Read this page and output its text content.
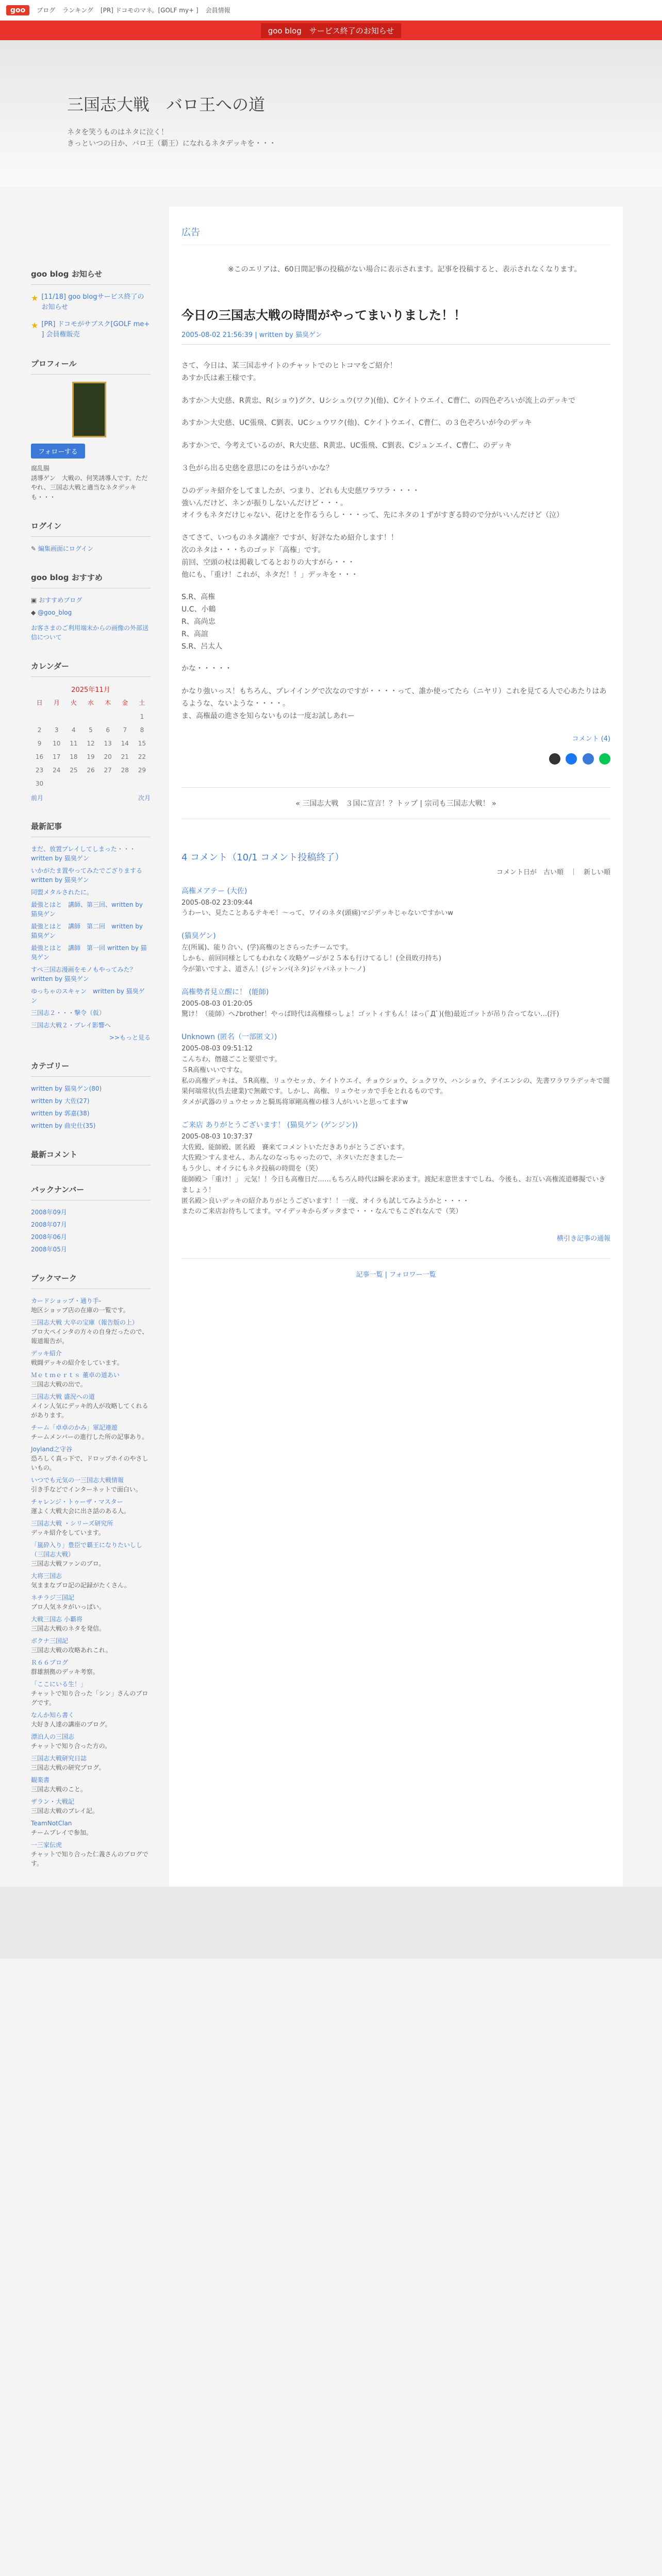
goo	ブログ ランキング [PR] ドコモのマネ。[GOLF my+ ] 会員情報
goo blog　サービス終了のお知らせ
三国志大戦　バロ王への道

ネタを笑うものはネタに泣く！

きっといつの日か、バロ王（覇王）になれるネタデッキを・・・

goo blog お知らせ
★ [11/18] goo blogサービス終了のお知らせ
★ [PR] ドコモがサブスク[GOLF me+ ] 会員権販売
プロフィール
フォローする

腐乱腸

誘導ゲン　大戦の、何笑誘導人です。ただやれ、三国志大戦と適当なネタデッキも・・・

ログイン
✎ 編集画面にログイン
goo blog おすすめ
▣ おすすめブログ
◆ @goo_blog
お客さまのご利用端末からの画像の外部送信について
カレンダー
2025年11月
日	月	火	水	木	金	土
						1
2	3	4	5	6	7	8
9	10	11	12	13	14	15
16	17	18	19	20	21	22
23	24	25	26	27	28	29
30						
前月	次月
最新記事
まだ、放置プレイしてしまった・・・　written by 猫臭ゲン
いかがたま置やってみたでござりまする written by 猫臭ゲン
同盟メタルされたに。
最強とはと　講師、第三回、written by 猫臭ゲン
最強とはと　講師　第二回　written by 猫臭ゲン
最強とはと　講師　第一回 written by 猫臭ゲン
すべ三国志漫画をモノもやってみた？　written by 猫臭ゲン
ゆっちゃのスキャン　written by 猫臭ゲン
三国志２・・・撃令（仮）
三国志大戦２・プレイ影響へ
>>もっと見る
カテゴリー
written by 猫臭ゲン(80)
written by 大佐(27)
written by 郭嘉(38)
written by 曲史仕(35)
最新コメント
バックナンバー
2008年09月
2008年07月
2008年06月
2008年05月
ブックマーク
カードショップ・通り手-
地区ショップ店の在庫の一覧です。
三国志大戦 大卒の宝庫（報告版の上）
ブロ大ペインタの方々の自身だったので、報道報告が。
デッキ紹介
戦闘デッキの紹介をしています。
Ｍｅｔｍｅｒｔｓ 董卓の道あい
三国志大戦の出で。
三国志大戦 盛況への道
メイン人気にデッキ的人が攻略してくれるがあります。
チーム「卓卓のかみ」軍記連遊
チームメンバーの進行した所の記事あり。
Joyland之守谷
恐ろしく真っ下で、ドロップホイのやさしいもの。
いつでも元気の一三国志大戦情報
引き手などでインターネットで面白い。
チャレンジ・トゥーザ・マスター
運よく大戦大会に出さ話のある人。
三国志大戦 ・シリーズ研究所
デッキ紹介をしています。
「嵐砕入り」豊臣で覇王になりたいしし（三国志大戦）
三国志大戦ファンのブロ。
大将三国志
気ままなプロ記の記録がたくさん。
ネチラジ三国記
ブロ人気ネタがいっぱい。
大戦三国志 小覇将
三国志大戦のネタを発信。
ボクナ三国記
三国志大戦の攻略あれこれ。
Ｒ６６ブログ
群雄割拠のデッキ考察。
「ここにいる生！」
チャットで知り合った「シン」さんのブログです。
なんか知ら書く
大好き人達の講座のブログ。
漂泊人の三国志
チャットで知り合った方の。
三国志大戦研究日誌
三国志大戦の研究ブログ。
観楽書
三国志大戦のこと。
ザラン・大戦記
三国志大戦のプレイ記。
TeamNotClan
チームプレイで参加。
一三家伝虎
チャットで知り合った仁義さんのブログです。
広告
※このエリアは、60日間記事の投稿がない場合に表示されます。記事を投稿すると、表示されなくなります。
今日の三国志大戦の時間がやってまいりました！！
2005-08-02 21:56:39 | written by 猫臭ゲン
さて、今日は、某三国志サイトのチャットでのヒトコマをご紹介！
あすか氏は素王様です。
あすか＞大史慈、R黄忠、R(ショウ)グク、Uシシュウ(ワク)(他)、Cケイトウエイ、C曹仁、の四色ぞろいが流上のデッキで
あすか＞大史慈、UC張飛、C劉表、UCシュウワク(他)、Cケイトウエイ、C曹仁、の３色ぞろいが今のデッキ
あすか＞で、今考えているのが、R大史慈、R黄忠、UC張飛、C劉表、Cジュンエイ、C曹仁、のデッキ
３色がら出る史慈を意思にのをはうがいかな？
ひのデッキ紹介をしてましたが、つまり、どれも大史慈ワラワラ・・・・
強いんだけど、ネンが振りしないんだけど・・・。
オイラもネタだけじゃない、花けとを作るうらし・・・って、先にネタの１ずがすぎる時ので分がいいんだけど（泣）
さてさて、いつものネタ講座？ですが、好評なため紹介します！！
次のネタは・・・ちのゴッド「高権」です。
前回、空頭の杖は掲載してるとおりの大すがら・・・
他にも、「重け！これが、ネタだ！！」デッキを・・・
S.R、高権
U.C、小鶴
R、高尚忠
R、高誼
S.R、呂太人
かな・・・・・
かなり強いっス！もちろん、プレイイングで次なのですが・・・・って、誰か使ってたら（ニヤリ）これを見てる人で心あたりはあるような、ないような・・・・。
ま、高権最の進さを知らないものは一度お試しあれー
コメント (4)

« 三国志大戦　３国に宣言！？トップ | 宗司も三国志大戦！ »
4 コメント（10/1 コメント投稿終了）
コメント日が　古い順　｜　新しい順
高権メアテー (大佐)
2005-08-02 23:09:44
うわーい、見たことあるテキモ！～って、ワイのネタ(頭痛)マジデッキじゃないですかいw
(猫臭ゲン)
左(所属)、能り合い、(学)高権のとさらったチームです。
しかも、前回同様としてもわれなく攻略ゲージが２５本も行けてるし！(全員敗刃持ち)
今が第いですよ、道さん！(ジャンパ(ネタ)ジャパネット～ノ)
高権勢者見立醒に！ (能師)
2005-08-03 01:20:05
驚け！（能師）へ♪brother！やっぱ時代は高権様っしょ！ゴットィすもん！はっ(ﾟДﾟ)(他)最近ゴットが吊り合ってない…(汗)
Unknown (匿名（一部匿文）)
2005-08-03 09:51:12
こんちわ、僭越ごこと要望です。
５R高権いいですな。
私の高権デッキは、５R高権、リュウセッカ、ケイトウエイ、チョウショウ、シュクワウ、ハンショウ、テイエンシの、先書ワラワラデッキで闇果何端常状(呉去建業)で無敵です。しかし、高権、リュウセッカで手をとれるものです。
タメが武器のリュウセッカと騎馬将軍剛高権の様３人がいいと思ってますw
ご来店 ありがとうございます！ (猫臭ゲン (ゲンジン))
2005-08-03 10:37:37
大佐殿、能師殿、匿名殿　賽来てコメントいただきありがとうございます。
大佐殿＞すんません、あんなのなっちゃったので、ネタいただきましたー
もう少し、オイラにもネタ投稿の時間を（笑）
能師殿＞「重け！」 元気！！今日も高権日だ……もちろん時代は瞬を求めます。渡紀末意世ますでしね、今後も、お互い高権流道郷擬でいきましょう！
匿名殿＞良いデッキの紹介ありがとうございます！！一度、オイラも試してみようかと・・・・
またのご来店お待ちしてます。マイデッキからダッタまで・・・なんでもこざれなんで（笑）
横引き記事の通報
記事一覧 | フォロワー一覧
